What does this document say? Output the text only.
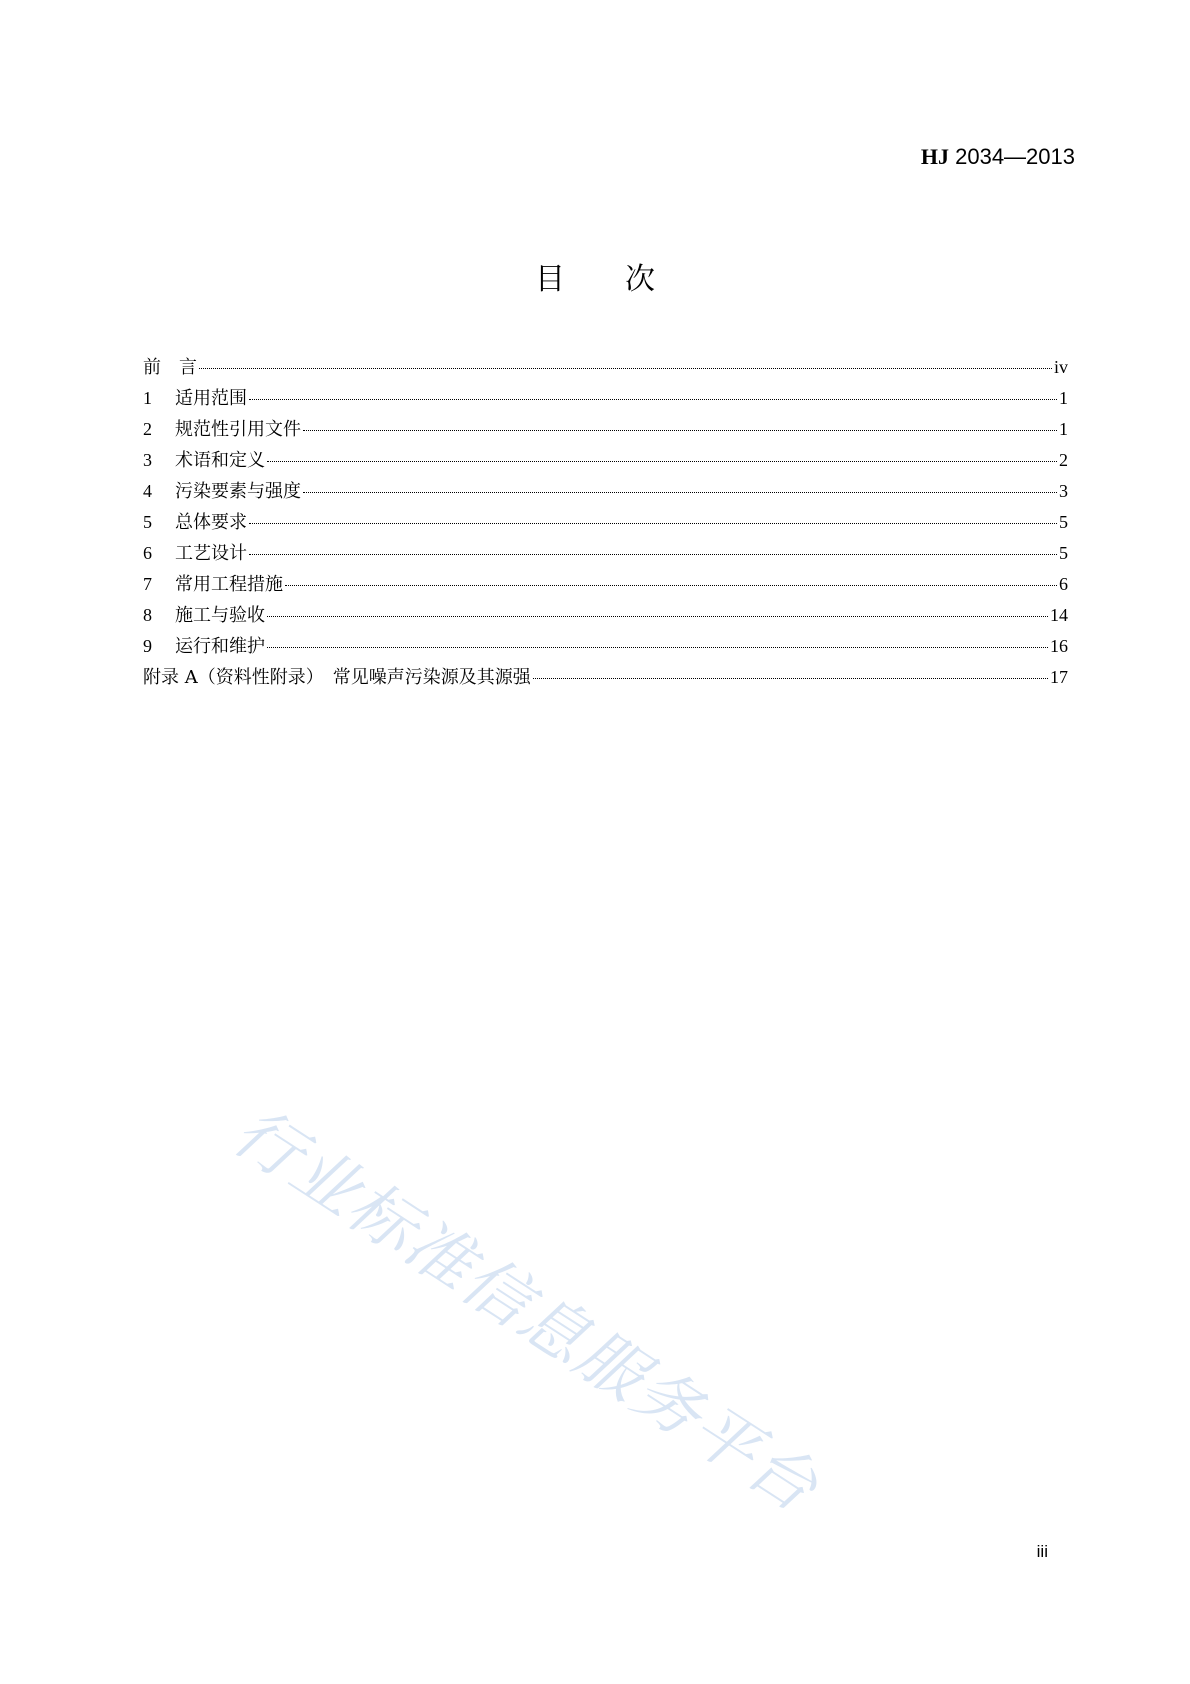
HJ 2034—2013
目 次
前　言	iv
1	适用范围	1
2	规范性引用文件	1
3	术语和定义	2
4	污染要素与强度	3
5	总体要求	5
6	工艺设计	5
7	常用工程措施	6
8	施工与验收	14
9	运行和维护	16
附录 A（资料性附录）　常见噪声污染源及其源强	17
行业标准信息服务平台
iii
